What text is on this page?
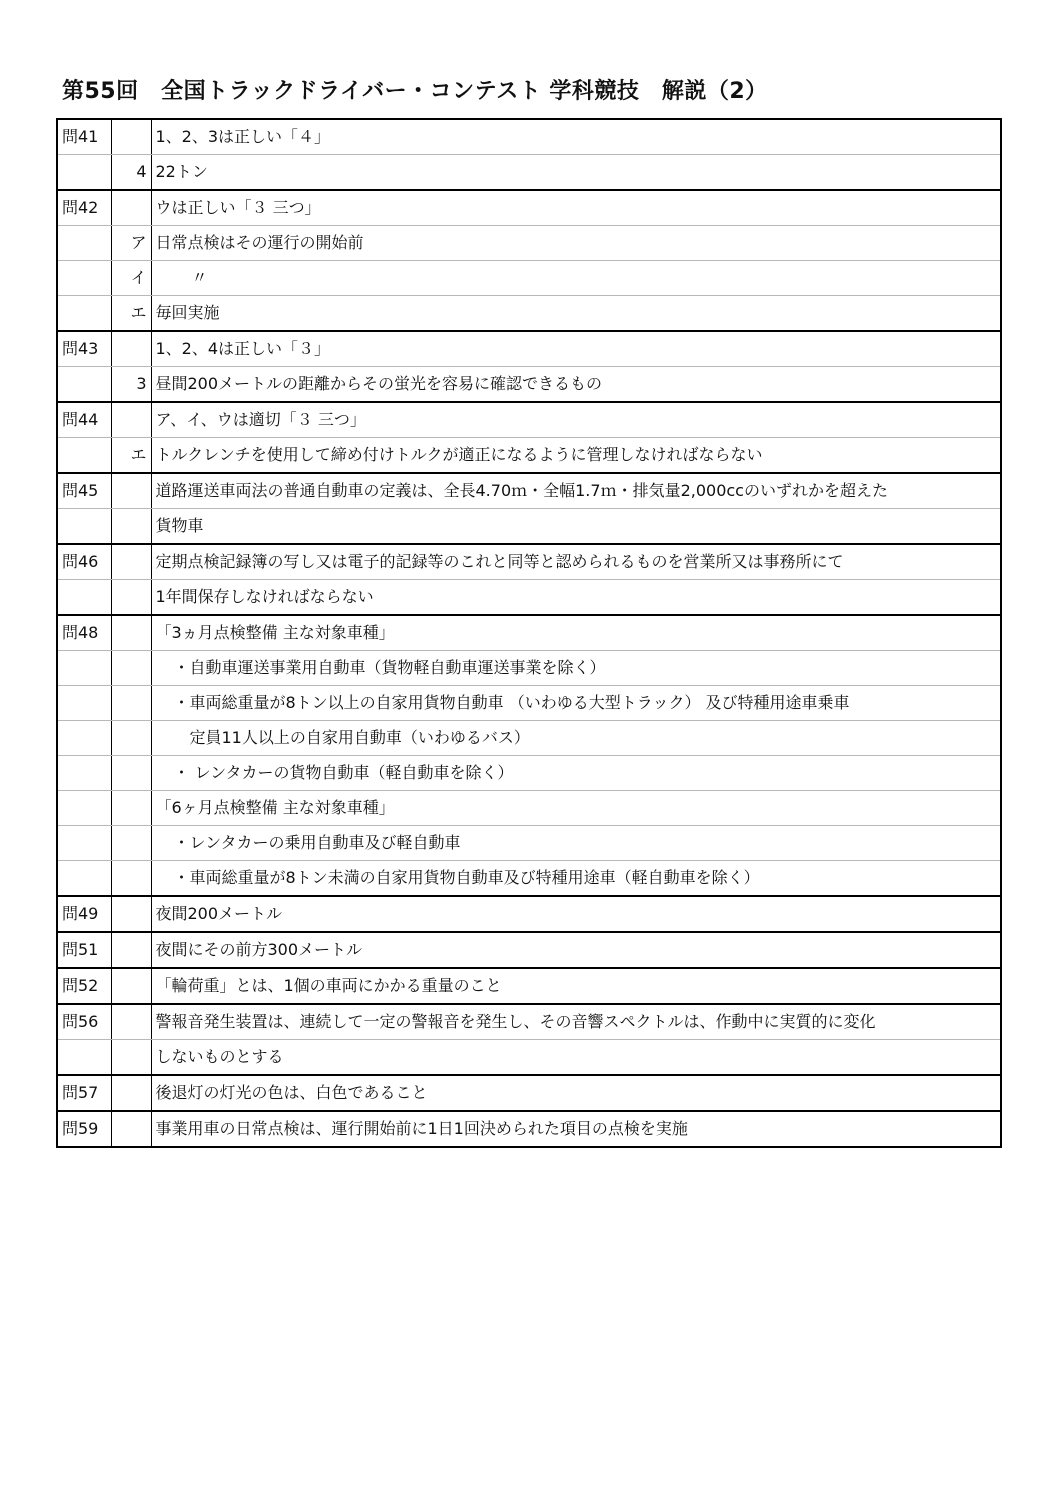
第55回　全国トラックドライバー・コンテスト 学科競技　解説（2）
問41		1、2、3は正しい「４」
	4	22トン
問42		ウは正しい「３ 三つ」
	ア	日常点検はその運行の開始前
	イ	〃
	エ	毎回実施
問43		1、2、4は正しい「３」
	3	昼間200メートルの距離からその蛍光を容易に確認できるもの
問44		ア、イ、ウは適切「３ 三つ」
	エ	トルクレンチを使用して締め付けトルクが適正になるように管理しなければならない
問45		道路運送車両法の普通自動車の定義は、全長4.70ｍ・全幅1.7ｍ・排気量2,000ccのいずれかを超えた
		貨物車
問46		定期点検記録簿の写し又は電子的記録等のこれと同等と認められるものを営業所又は事務所にて
		1年間保存しなければならない
問48		「3ヵ月点検整備 主な対象車種」
		・自動車運送事業用自動車（貨物軽自動車運送事業を除く）
		・車両総重量が8トン以上の自家用貨物自動車 （いわゆる大型トラック） 及び特種用途車乗車
		定員11人以上の自家用自動車（いわゆるバス）
		・ レンタカーの貨物自動車（軽自動車を除く）
		「6ヶ月点検整備 主な対象車種」
		・レンタカーの乗用自動車及び軽自動車
		・車両総重量が8トン未満の自家用貨物自動車及び特種用途車（軽自動車を除く）
問49		夜間200メートル
問51		夜間にその前方300メートル
問52		「輪荷重」とは、1個の車両にかかる重量のこと
問56		警報音発生装置は、連続して一定の警報音を発生し、その音響スペクトルは、作動中に実質的に変化
		しないものとする
問57		後退灯の灯光の色は、白色であること
問59		事業用車の日常点検は、運行開始前に1日1回決められた項目の点検を実施
